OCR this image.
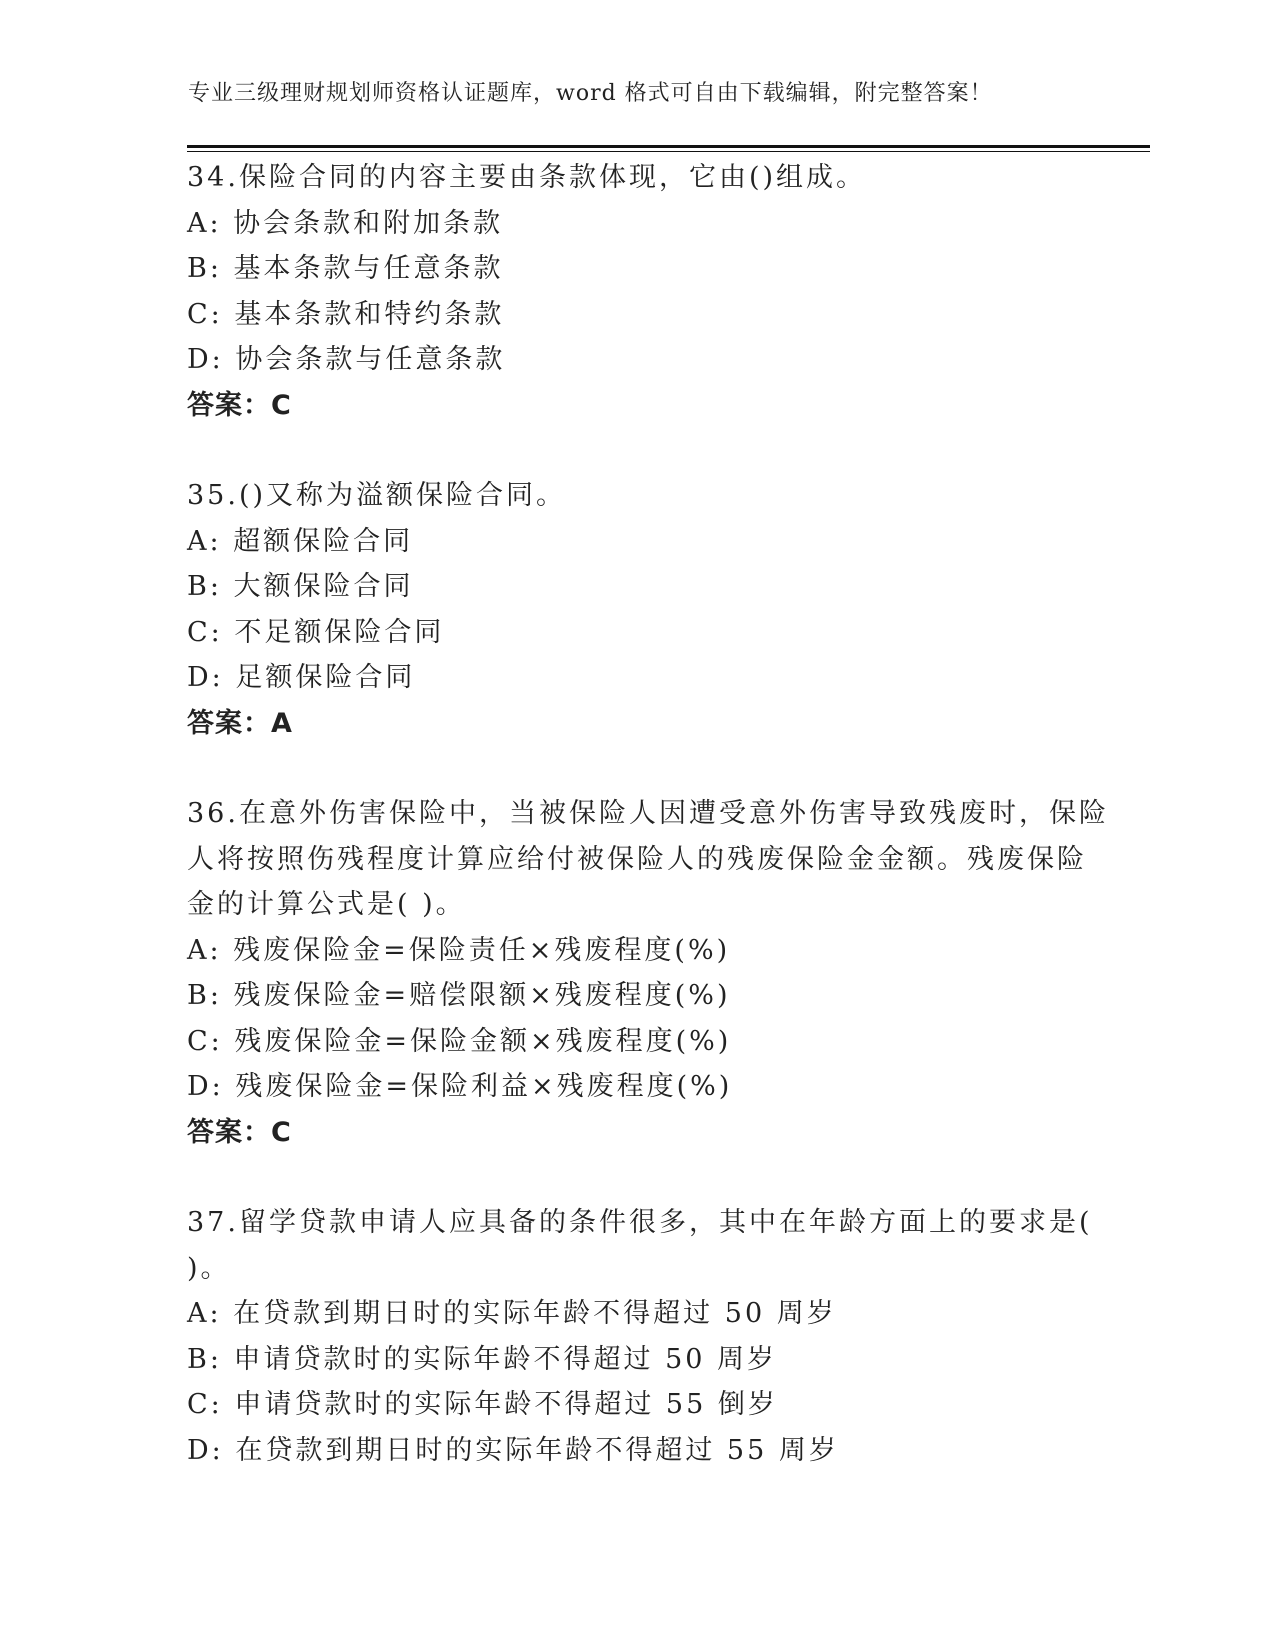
专业三级理财规划师资格认证题库，word 格式可自由下载编辑，附完整答案！
34.保险合同的内容主要由条款体现，它由()组成。
A: 协会条款和附加条款
B: 基本条款与任意条款
C: 基本条款和特约条款
D: 协会条款与任意条款
答案：C
35.()又称为溢额保险合同。
A: 超额保险合同
B: 大额保险合同
C: 不足额保险合同
D: 足额保险合同
答案：A
36.在意外伤害保险中，当被保险人因遭受意外伤害导致残废时，保险
人将按照伤残程度计算应给付被保险人的残废保险金金额。残废保险
金的计算公式是( )。
A: 残废保险金=保险责任×残废程度(%)
B: 残废保险金=赔偿限额×残废程度(%)
C: 残废保险金=保险金额×残废程度(%)
D: 残废保险金=保险利益×残废程度(%)
答案：C
37.留学贷款申请人应具备的条件很多，其中在年龄方面上的要求是(
)。
A: 在贷款到期日时的实际年龄不得超过 50 周岁
B: 申请贷款时的实际年龄不得超过 50 周岁
C: 申请贷款时的实际年龄不得超过 55 倒岁
D: 在贷款到期日时的实际年龄不得超过 55 周岁
